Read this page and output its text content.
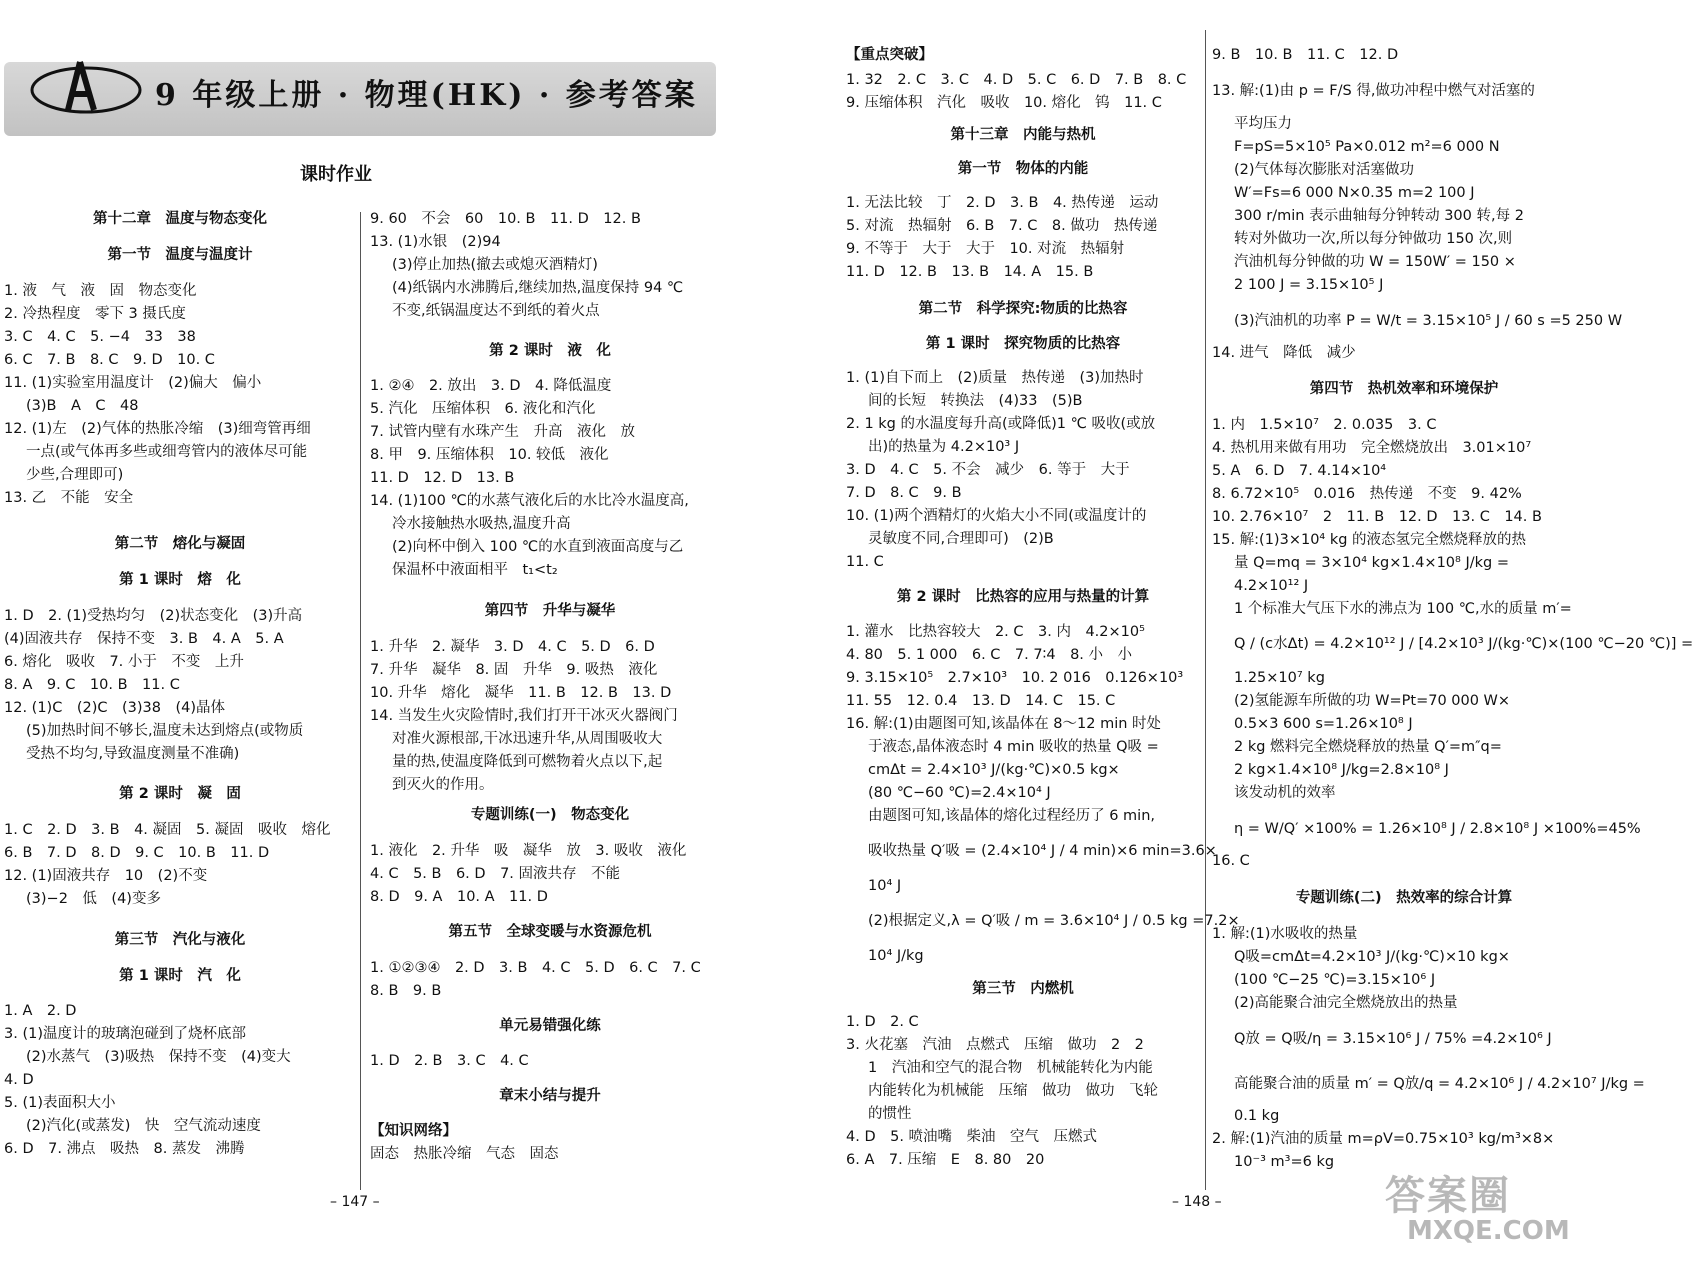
9 年级上册 · 物理(HK) · 参考答案
课时作业
第十二章　温度与物态变化
第一节　温度与温度计
1. 液　气　液　固　物态变化
2. 冷热程度　零下 3 摄氏度
3. C　4. C　5. −4　33　38
6. C　7. B　8. C　9. D　10. C
11. (1)实验室用温度计　(2)偏大　偏小
(3)B　A　C　48
12. (1)左　(2)气体的热胀冷缩　(3)细弯管再细
一点(或气体再多些或细弯管内的液体尽可能
少些,合理即可)
13. 乙　不能　安全
第二节　熔化与凝固
第 1 课时　熔　化
1. D　2. (1)受热均匀　(2)状态变化　(3)升高
(4)固液共存　保持不变　3. B　4. A　5. A
6. 熔化　吸收　7. 小于　不变　上升
8. A　9. C　10. B　11. C
12. (1)C　(2)C　(3)38　(4)晶体
(5)加热时间不够长,温度未达到熔点(或物质
受热不均匀,导致温度测量不准确)
第 2 课时　凝　固
1. C　2. D　3. B　4. 凝固　5. 凝固　吸收　熔化
6. B　7. D　8. D　9. C　10. B　11. D
12. (1)固液共存　10　(2)不变
(3)−2　低　(4)变多
第三节　汽化与液化
第 1 课时　汽　化
1. A　2. D
3. (1)温度计的玻璃泡碰到了烧杯底部
(2)水蒸气　(3)吸热　保持不变　(4)变大
4. D
5. (1)表面积大小
(2)汽化(或蒸发)　快　空气流动速度
6. D　7. 沸点　吸热　8. 蒸发　沸腾
9. 60　不会　60　10. B　11. D　12. B
13. (1)水银　(2)94
(3)停止加热(撤去或熄灭酒精灯)
(4)纸锅内水沸腾后,继续加热,温度保持 94 ℃
不变,纸锅温度达不到纸的着火点
第 2 课时　液　化
1. ②④　2. 放出　3. D　4. 降低温度
5. 汽化　压缩体积　6. 液化和汽化
7. 试管内壁有水珠产生　升高　液化　放
8. 甲　9. 压缩体积　10. 较低　液化
11. D　12. D　13. B
14. (1)100 ℃的水蒸气液化后的水比冷水温度高,
冷水接触热水吸热,温度升高
(2)向杯中倒入 100 ℃的水直到液面高度与乙
保温杯中液面相平　t₁<t₂
第四节　升华与凝华
1. 升华　2. 凝华　3. D　4. C　5. D　6. D
7. 升华　凝华　8. 固　升华　9. 吸热　液化
10. 升华　熔化　凝华　11. B　12. B　13. D
14. 当发生火灾险情时,我们打开干冰灭火器阀门
对准火源根部,干冰迅速升华,从周围吸收大
量的热,使温度降低到可燃物着火点以下,起
到灭火的作用。
专题训练(一)　物态变化
1. 液化　2. 升华　吸　凝华　放　3. 吸收　液化
4. C　5. B　6. D　7. 固液共存　不能
8. D　9. A　10. A　11. D
第五节　全球变暖与水资源危机
1. ①②③④　2. D　3. B　4. C　5. D　6. C　7. C
8. B　9. B
单元易错强化练
1. D　2. B　3. C　4. C
章末小结与提升
【知识网络】
固态　热胀冷缩　气态　固态
【重点突破】
1. 32　2. C　3. C　4. D　5. C　6. D　7. B　8. C
9. 压缩体积　汽化　吸收　10. 熔化　钨　11. C
第十三章　内能与热机
第一节　物体的内能
1. 无法比较　丁　2. D　3. B　4. 热传递　运动
5. 对流　热辐射　6. B　7. C　8. 做功　热传递
9. 不等于　大于　大于　10. 对流　热辐射
11. D　12. B　13. B　14. A　15. B
第二节　科学探究:物质的比热容
第 1 课时　探究物质的比热容
1. (1)自下而上　(2)质量　热传递　(3)加热时
间的长短　转换法　(4)33　(5)B
2. 1 kg 的水温度每升高(或降低)1 ℃ 吸收(或放
出)的热量为 4.2×10³ J
3. D　4. C　5. 不会　减少　6. 等于　大于
7. D　8. C　9. B
10. (1)两个酒精灯的火焰大小不同(或温度计的
灵敏度不同,合理即可)　(2)B
11. C
第 2 课时　比热容的应用与热量的计算
1. 灌水　比热容较大　2. C　3. 内　4.2×10⁵
4. 80　5. 1 000　6. C　7. 7∶4　8. 小　小
9. 3.15×10⁵　2.7×10³　10. 2 016　0.126×10³
11. 55　12. 0.4　13. D　14. C　15. C
16. 解:(1)由题图可知,该晶体在 8～12 min 时处
于液态,晶体液态时 4 min 吸收的热量 Q吸 =
cmΔt = 2.4×10³ J/(kg·℃)×0.5 kg×
(80 ℃−60 ℃)=2.4×10⁴ J
由题图可知,该晶体的熔化过程经历了 6 min,
吸收热量 Q′吸 = (2.4×10⁴ J / 4 min)×6 min=3.6×
10⁴ J
(2)根据定义,λ = Q′吸 / m = 3.6×10⁴ J / 0.5 kg =7.2×
10⁴ J/kg
第三节　内燃机
1. D　2. C
3. 火花塞　汽油　点燃式　压缩　做功　2　2
1　汽油和空气的混合物　机械能转化为内能
内能转化为机械能　压缩　做功　做功　飞轮
的惯性
4. D　5. 喷油嘴　柴油　空气　压燃式
6. A　7. 压缩　E　8. 80　20
9. B　10. B　11. C　12. D
13. 解:(1)由 p = F/S 得,做功冲程中燃气对活塞的
平均压力
F=pS=5×10⁵ Pa×0.012 m²=6 000 N
(2)气体每次膨胀对活塞做功
W′=Fs=6 000 N×0.35 m=2 100 J
300 r/min 表示曲轴每分钟转动 300 转,每 2
转对外做功一次,所以每分钟做功 150 次,则
汽油机每分钟做的功 W = 150W′ = 150 ×
2 100 J = 3.15×10⁵ J
(3)汽油机的功率 P = W/t = 3.15×10⁵ J / 60 s =5 250 W
14. 进气　降低　减少
第四节　热机效率和环境保护
1. 内　1.5×10⁷　2. 0.035　3. C
4. 热机用来做有用功　完全燃烧放出　3.01×10⁷
5. A　6. D　7. 4.14×10⁴
8. 6.72×10⁵　0.016　热传递　不变　9. 42%
10. 2.76×10⁷　2　11. B　12. D　13. C　14. B
15. 解:(1)3×10⁴ kg 的液态氢完全燃烧释放的热
量 Q=mq = 3×10⁴ kg×1.4×10⁸ J/kg =
4.2×10¹² J
1 个标准大气压下水的沸点为 100 ℃,水的质量 m′=
Q / (c水Δt) = 4.2×10¹² J / [4.2×10³ J/(kg·℃)×(100 ℃−20 ℃)] =
1.25×10⁷ kg
(2)氢能源车所做的功 W=Pt=70 000 W×
0.5×3 600 s=1.26×10⁸ J
2 kg 燃料完全燃烧释放的热量 Q′=m″q=
2 kg×1.4×10⁸ J/kg=2.8×10⁸ J
该发动机的效率
η = W/Q′ ×100% = 1.26×10⁸ J / 2.8×10⁸ J ×100%=45%
16. C
专题训练(二)　热效率的综合计算
1. 解:(1)水吸收的热量
Q吸=cmΔt=4.2×10³ J/(kg·℃)×10 kg×
(100 ℃−25 ℃)=3.15×10⁶ J
(2)高能聚合油完全燃烧放出的热量
Q放 = Q吸/η = 3.15×10⁶ J / 75% =4.2×10⁶ J
高能聚合油的质量 m′ = Q放/q = 4.2×10⁶ J / 4.2×10⁷ J/kg =
0.1 kg
2. 解:(1)汽油的质量 m=ρV=0.75×10³ kg/m³×8×
10⁻³ m³=6 kg
– 147 –	– 148 –	答案圈
MXQE.COM
